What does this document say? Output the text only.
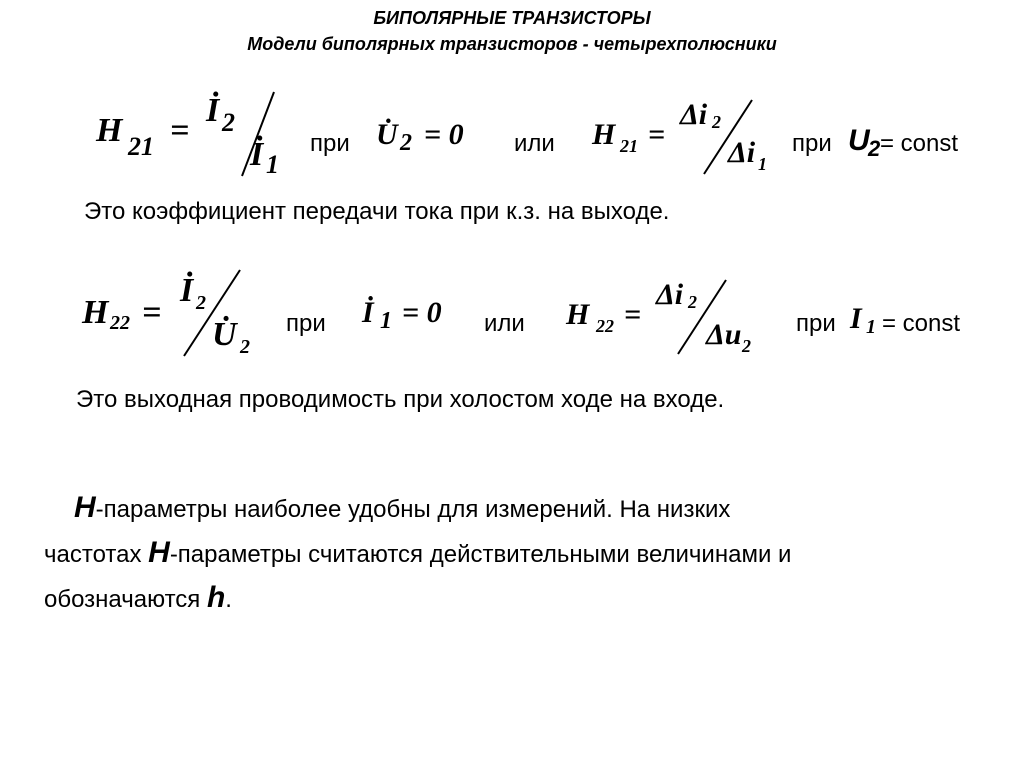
БИПОЛЯРНЫЕ ТРАНЗИСТОРЫ
Модели биполярных транзисторов - четырехполюсники
H 21 =
İ 2
İ 1
при U̇ 2 = 0 или H 21 =
Δi 2
Δi 1
при U
2 = const
Это коэффициент передачи тока при к.з. на выходе.
H 22 =
İ 2
U̇ 2
при İ 1 = 0 или H 22 =
Δi 2
Δu 2
при I 1 = const
Это выходная проводимость при холостом ходе на входе.
H-параметры наиболее удобны для измерений. На низких
частотах H-параметры считаются действительными величинами и
обозначаются h.
